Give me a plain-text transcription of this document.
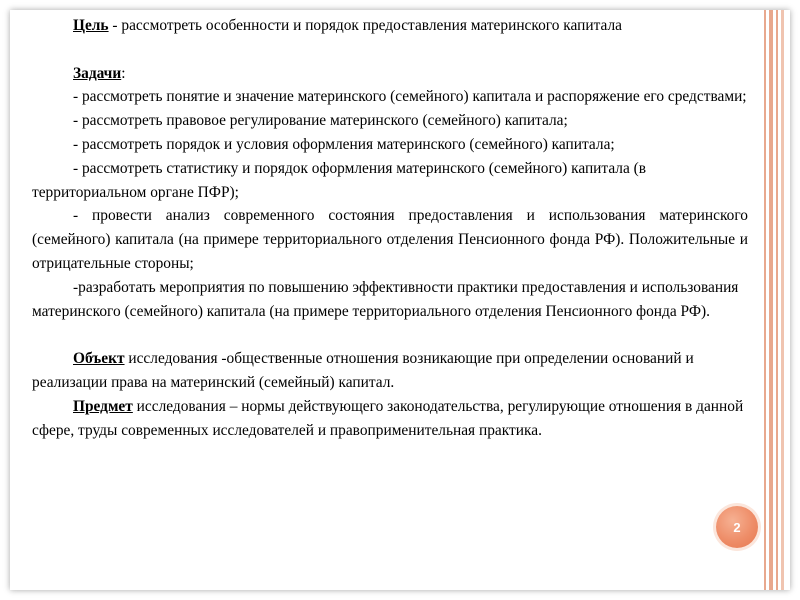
Цель - рассмотреть особенности и порядок предоставления материнского капитала

Задачи:

- рассмотреть понятие и значение материнского (семейного) капитала и распоряжение его средствами;

- рассмотреть правовое регулирование материнского (семейного) капитала;

- рассмотреть порядок и условия оформления материнского (семейного) капитала;

- рассмотреть статистику и порядок оформления материнского (семейного) капитала (в территориальном органе ПФР);

- провести анализ современного состояния предоставления и использования материнского (семейного) капитала (на примере территориального отделения Пенсионного фонда РФ). Положительные и отрицательные стороны;

-разработать мероприятия по повышению эффективности практики предоставления и использования материнского (семейного) капитала (на примере территориального отделения Пенсионного фонда РФ).

Объект исследования -общественные отношения возникающие при определении оснований и реализации права на материнский (семейный) капитал.

Предмет исследования – нормы действующего законодательства, регулирующие отношения в данной сфере, труды современных исследователей и правоприменительная практика.

2
